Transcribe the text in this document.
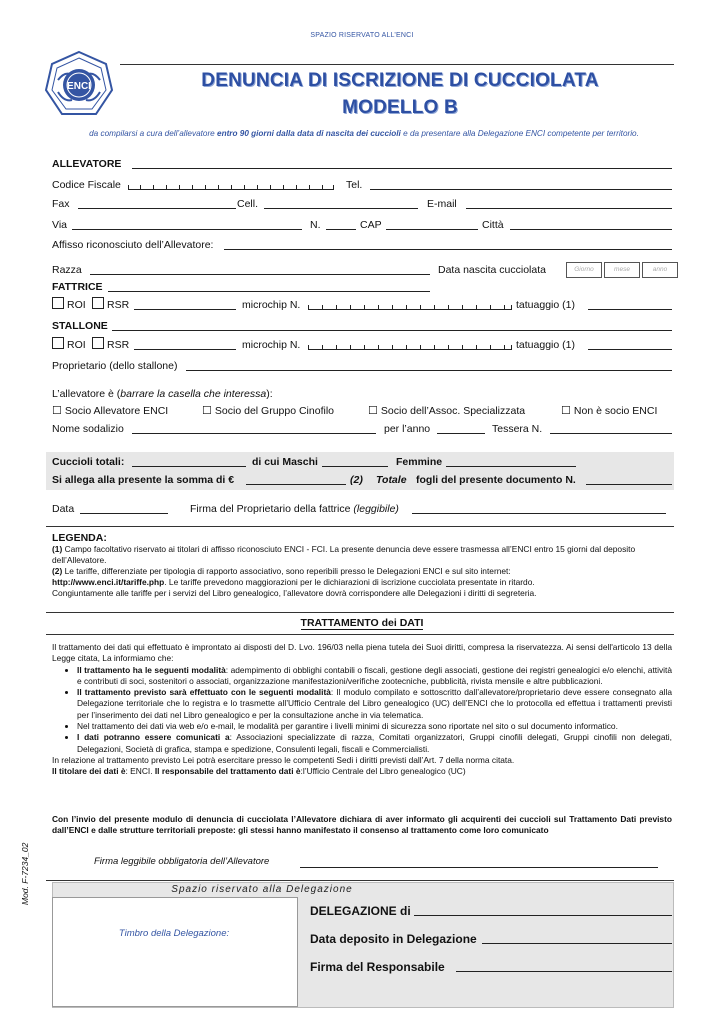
SPAZIO RISERVATO ALL’ENCI
ENCI	DENUNCIA DI ISCRIZIONE DI CUCCIOLATA
MODELLO B
da compilarsi a cura dell’allevatore entro 90 giorni dalla data di nascita dei cuccioli e da presentare alla Delegazione ENCI competente per territorio.
ALLEVATORE
Codice Fiscale	Tel.
Fax	Cell.	E-mail
Via	N.	CAP	Città
Affisso riconosciuto dell’Allevatore:
Razza	Data nascita cucciolata	Giorno	mese	anno
FATTRICE
ROI	RSR	microchip N.	tatuaggio (1)
STALLONE
ROI	RSR	microchip N.	tatuaggio (1)
Proprietario (dello stallone)
L’allevatore è (barrare la casella che interessa):
☐ Socio Allevatore ENCI	☐ Socio del Gruppo Cinofilo	☐ Socio dell’Assoc. Specializzata	☐ Non è socio ENCI
Nome sodalizio	per l’anno	Tessera N.
Cuccioli totali:	di cui Maschi	Femmine
Si allega alla presente la somma di €	(2) Totale fogli del presente documento N.
Data	Firma del Proprietario della fattrice (leggibile)
LEGENDA:
(1) Campo facoltativo riservato ai titolari di affisso riconosciuto ENCI - FCI. La presente denuncia deve essere trasmessa all’ENCI entro 15 giorni dal deposito dell’Allevatore.
(2) Le tariffe, differenziate per tipologia di rapporto associativo, sono reperibili presso le Delegazioni ENCI e sul sito internet:
http://www.enci.it/tariffe.php. Le tariffe prevedono maggiorazioni per le dichiarazioni di iscrizione cucciolata presentate in ritardo.
Congiuntamente alle tariffe per i servizi del Libro genealogico, l’allevatore dovrà corrispondere alle Delegazioni i diritti di segreteria.
TRATTAMENTO dei DATI
Il trattamento dei dati qui effettuato è improntato ai disposti del D. Lvo. 196/03 nella piena tutela dei Suoi diritti, compresa la riservatezza. Ai sensi dell'articolo 13 della Legge citata, La informiamo che:
• Il trattamento ha le seguenti modalità: adempimento di obblighi contabili o fiscali, gestione degli associati, gestione dei registri genealogici e/o elenchi, attività e contributi di soci, sostenitori o associati, organizzazione manifestazioni/verifiche zootecniche, pubblicità, rivista mensile e altre pubblicazioni.
• Il trattamento previsto sarà effettuato con le seguenti modalità: Il modulo compilato e sottoscritto dall’allevatore/proprietario deve essere consegnato alla Delegazione territoriale che lo registra e lo trasmette all’Ufficio Centrale del Libro genealogico (UC) dell’ENCI che lo protocolla ed effettua i trattamenti previsti per l’inserimento dei dati nel Libro genealogico e per la consultazione anche in via telematica.
• Nel trattamento dei dati via web e/o e-mail, le modalità per garantire i livelli minimi di sicurezza sono riportate nel sito o sul documento informatico.
• I dati potranno essere comunicati a: Associazioni specializzate di razza, Comitati organizzatori, Gruppi cinofili delegati, Gruppi cinofili non delegati, Delegazioni, Società di grafica, stampa e spedizione, Consulenti legali, fiscali e Commercialisti.
In relazione al trattamento previsto Lei potrà esercitare presso le competenti Sedi i diritti previsti dall’Art. 7 della norma citata.
Il titolare dei dati è: ENCI. Il responsabile del trattamento dati è:l’Ufficio Centrale del Libro genealogico (UC)
Con l’invio del presente modulo di denuncia di cucciolata l’Allevatore dichiara di aver informato gli acquirenti dei cuccioli sul Trattamento Dati previsto dall’ENCI e dalle strutture territoriali preposte: gli stessi hanno manifestato il consenso al trattamento come loro comunicato
Firma leggibile obbligatoria dell’Allevatore
Mod. F-7234_02	Spazio riservato alla Delegazione
Timbro della Delegazione:
DELEGAZIONE di
Data deposito in Delegazione
Firma del Responsabile
